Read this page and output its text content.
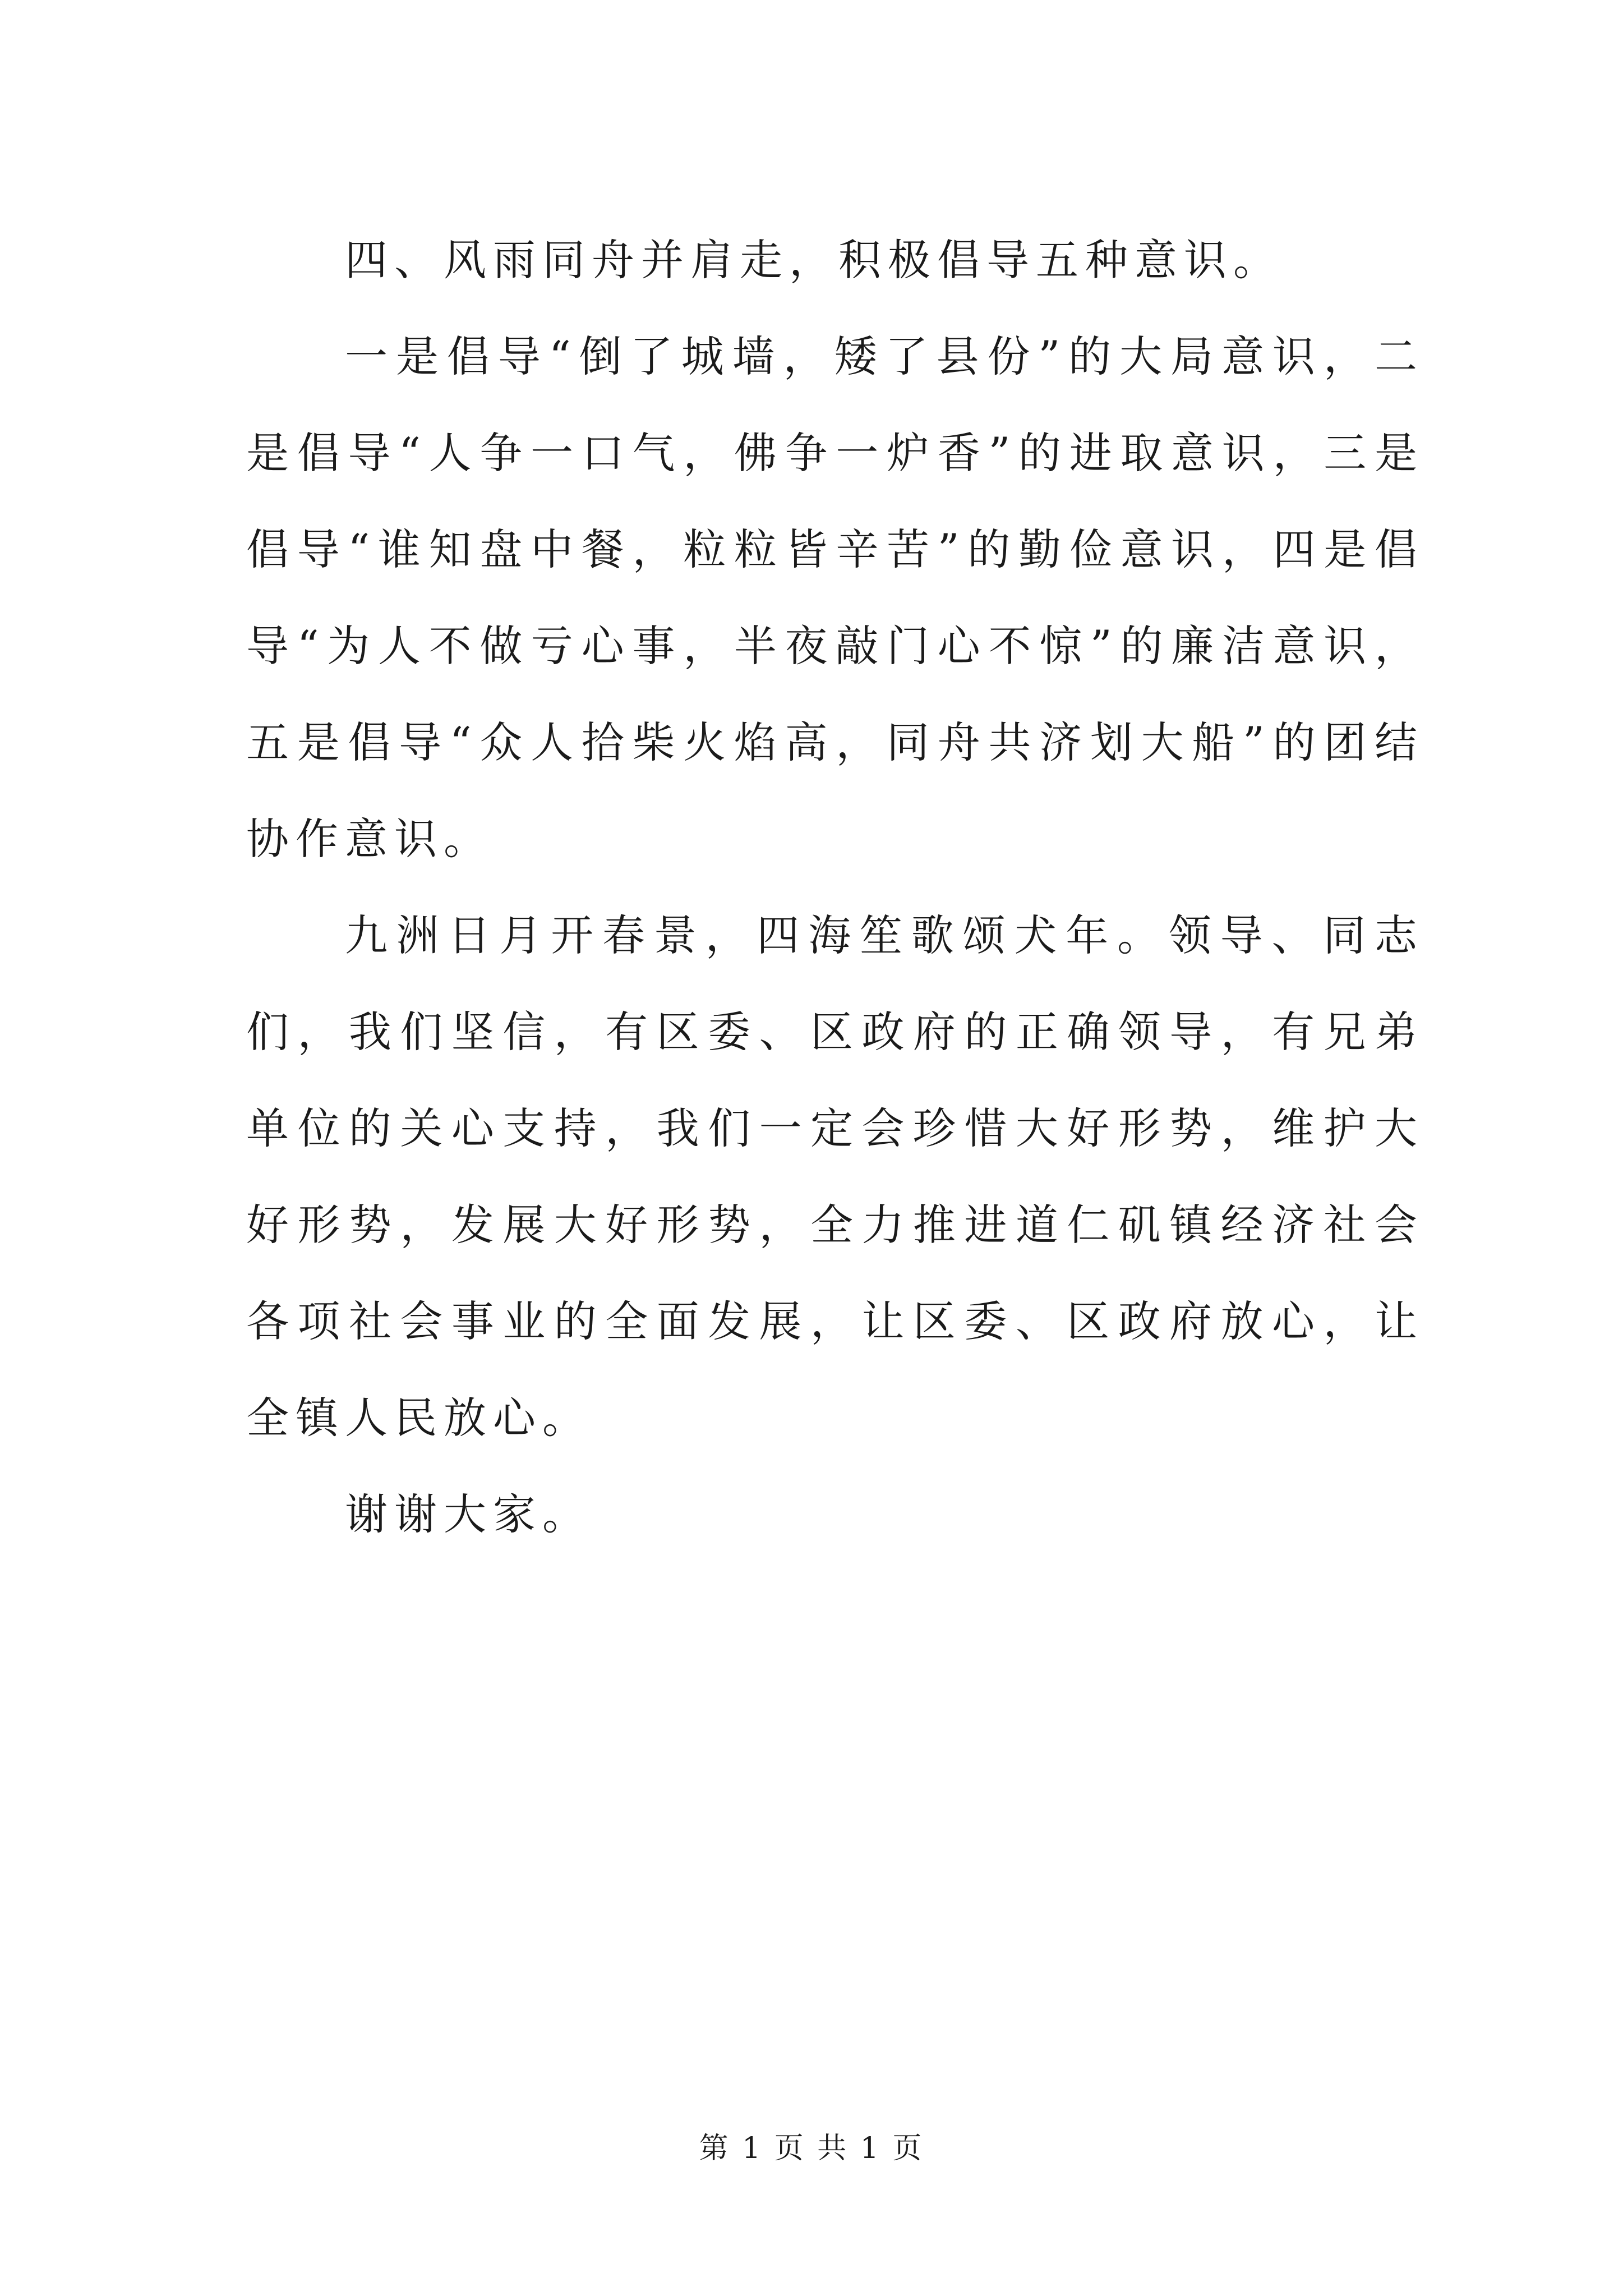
四、风雨同舟并肩走，积极倡导五种意识。

一是倡导“倒了城墙，矮了县份”的大局意识，二是倡导“人争一口气，佛争一炉香”的进取意识，三是倡导“谁知盘中餐，粒粒皆辛苦”的勤俭意识，四是倡导“为人不做亏心事，半夜敲门心不惊”的廉洁意识，五是倡导“众人拾柴火焰高，同舟共济划大船”的团结协作意识。

九洲日月开春景，四海笙歌颂犬年。领导、同志们，我们坚信，有区委、区政府的正确领导，有兄弟单位的关心支持，我们一定会珍惜大好形势，维护大好形势，发展大好形势，全力推进道仁矶镇经济社会各项社会事业的全面发展，让区委、区政府放心，让全镇人民放心。

谢谢大家。

第 1 页 共 1 页
